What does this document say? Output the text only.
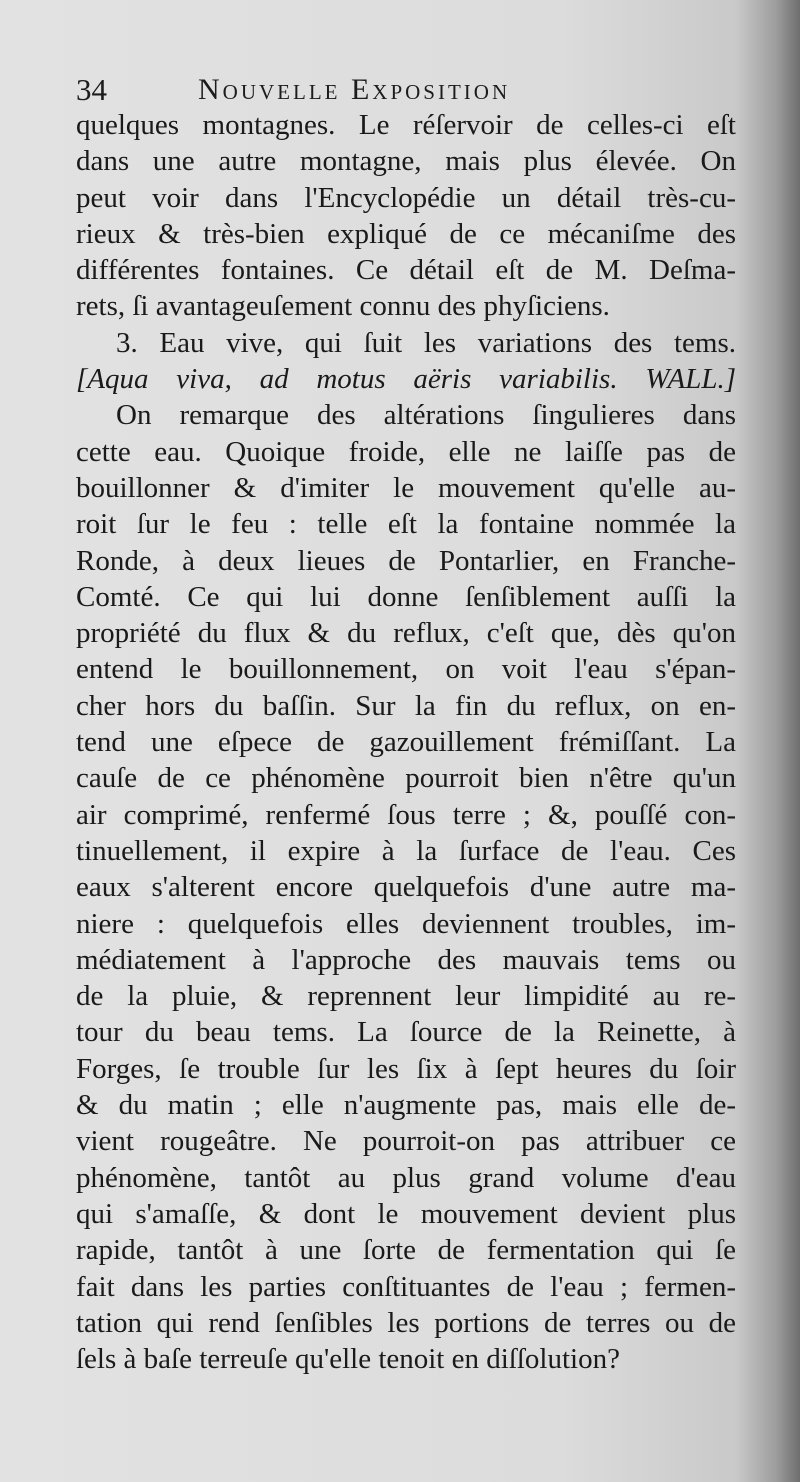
34	Nouvelle Exposition
quelques montagnes. Le réſervoir de celles-ci eſt
dans une autre montagne, mais plus élevée. On
peut voir dans l'Encyclopédie un détail très-cu-
rieux & très-bien expliqué de ce mécaniſme des
différentes fontaines. Ce détail eſt de M. Deſma-
rets, ſi avantageuſement connu des phyſiciens.
3. Eau vive, qui ſuit les variations des tems.
[Aqua viva, ad motus aëris variabilis. WALL.]
On remarque des altérations ſingulieres dans
cette eau. Quoique froide, elle ne laiſſe pas de
bouillonner & d'imiter le mouvement qu'elle au-
roit ſur le feu : telle eſt la fontaine nommée la
Ronde, à deux lieues de Pontarlier, en Franche-
Comté. Ce qui lui donne ſenſiblement auſſi la
propriété du flux & du reflux, c'eſt que, dès qu'on
entend le bouillonnement, on voit l'eau s'épan-
cher hors du baſſin. Sur la fin du reflux, on en-
tend une eſpece de gazouillement frémiſſant. La
cauſe de ce phénomène pourroit bien n'être qu'un
air comprimé, renfermé ſous terre ; &, pouſſé con-
tinuellement, il expire à la ſurface de l'eau. Ces
eaux s'alterent encore quelquefois d'une autre ma-
niere : quelquefois elles deviennent troubles, im-
médiatement à l'approche des mauvais tems ou
de la pluie, & reprennent leur limpidité au re-
tour du beau tems. La ſource de la Reinette, à
Forges, ſe trouble ſur les ſix à ſept heures du ſoir
& du matin ; elle n'augmente pas, mais elle de-
vient rougeâtre. Ne pourroit-on pas attribuer ce
phénomène, tantôt au plus grand volume d'eau
qui s'amaſſe, & dont le mouvement devient plus
rapide, tantôt à une ſorte de fermentation qui ſe
fait dans les parties conſtituantes de l'eau ; fermen-
tation qui rend ſenſibles les portions de terres ou de
ſels à baſe terreuſe qu'elle tenoit en diſſolution?
